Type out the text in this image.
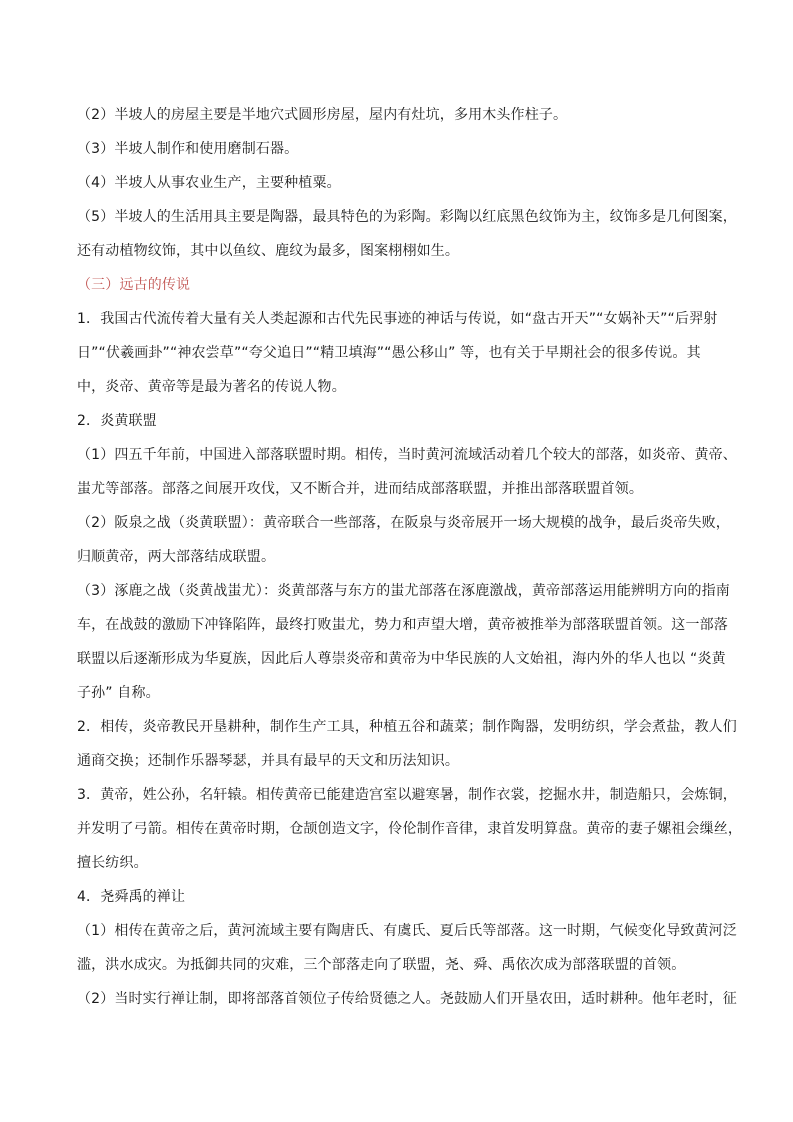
（2）半坡人的房屋主要是半地穴式圆形房屋，屋内有灶坑，多用木头作柱子。
（3）半坡人制作和使用磨制石器。
（4）半坡人从事农业生产，主要种植粟。
（5）半坡人的生活用具主要是陶器，最具特色的为彩陶。彩陶以红底黑色纹饰为主，纹饰多是几何图案，
还有动植物纹饰，其中以鱼纹、鹿纹为最多，图案栩栩如生。
（三）远古的传说
1．我国古代流传着大量有关人类起源和古代先民事迹的神话与传说，如“盘古开天”“女娲补天”“后羿射
日”“伏羲画卦”“神农尝草”“夸父追日”“精卫填海”“愚公移山” 等，也有关于早期社会的很多传说。其
中，炎帝、黄帝等是最为著名的传说人物。
2．炎黄联盟
（1）四五千年前，中国进入部落联盟时期。相传，当时黄河流域活动着几个较大的部落，如炎帝、黄帝、
蚩尤等部落。部落之间展开攻伐，又不断合并，进而结成部落联盟，并推出部落联盟首领。
（2）阪泉之战（炎黄联盟）：黄帝联合一些部落，在阪泉与炎帝展开一场大规模的战争，最后炎帝失败，
归顺黄帝，两大部落结成联盟。
（3）涿鹿之战（炎黄战蚩尤）：炎黄部落与东方的蚩尤部落在涿鹿激战，黄帝部落运用能辨明方向的指南
车，在战鼓的激励下冲锋陷阵，最终打败蚩尤，势力和声望大增，黄帝被推举为部落联盟首领。这一部落
联盟以后逐渐形成为华夏族，因此后人尊崇炎帝和黄帝为中华民族的人文始祖，海内外的华人也以 “炎黄
子孙” 自称。
2．相传，炎帝教民开垦耕种，制作生产工具，种植五谷和蔬菜；制作陶器，发明纺织，学会煮盐，教人们
通商交换；还制作乐器琴瑟，并具有最早的天文和历法知识。
3．黄帝，姓公孙，名轩辕。相传黄帝已能建造宫室以避寒暑，制作衣裳，挖掘水井，制造船只，会炼铜，
并发明了弓箭。相传在黄帝时期，仓颉创造文字，伶伦制作音律，隶首发明算盘。黄帝的妻子嫘祖会缫丝，
擅长纺织。
4．尧舜禹的禅让
（1）相传在黄帝之后，黄河流域主要有陶唐氏、有虞氏、夏后氏等部落。这一时期，气候变化导致黄河泛
滥，洪水成灾。为抵御共同的灾难，三个部落走向了联盟，尧、舜、禹依次成为部落联盟的首领。
（2）当时实行禅让制，即将部落首领位子传给贤德之人。尧鼓励人们开垦农田，适时耕种。他年老时，征
